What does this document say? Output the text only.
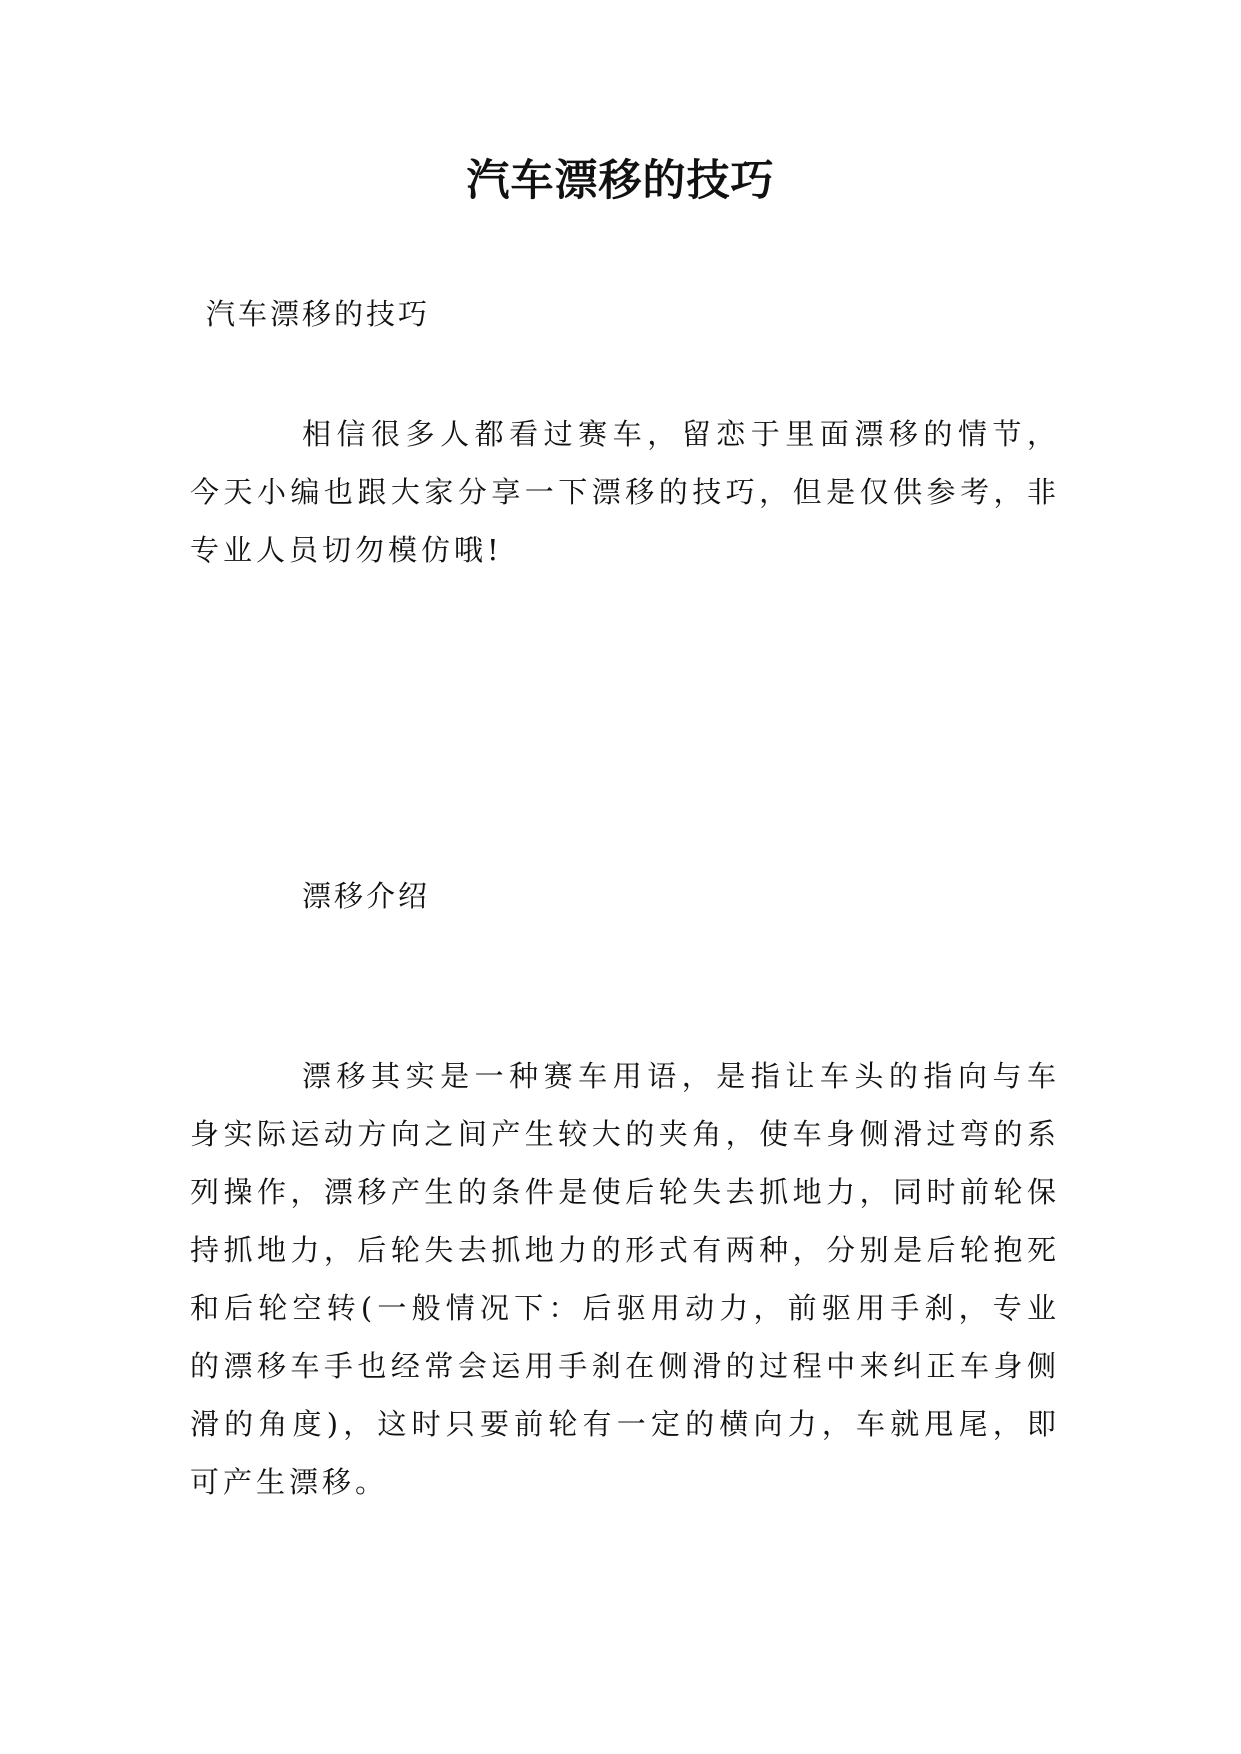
汽车漂移的技巧

汽车漂移的技巧

相信很多人都看过赛车，留恋于里面漂移的情节，今天小编也跟大家分享一下漂移的技巧，但是仅供参考，非专业人员切勿模仿哦!

漂移介绍

漂移其实是一种赛车用语，是指让车头的指向与车身实际运动方向之间产生较大的夹角，使车身侧滑过弯的系列操作，漂移产生的条件是使后轮失去抓地力，同时前轮保持抓地力，后轮失去抓地力的形式有两种，分别是后轮抱死和后轮空转(一般情况下：后驱用动力，前驱用手刹，专业的漂移车手也经常会运用手刹在侧滑的过程中来纠正车身侧滑的角度)，这时只要前轮有一定的横向力，车就甩尾，即可产生漂移。
